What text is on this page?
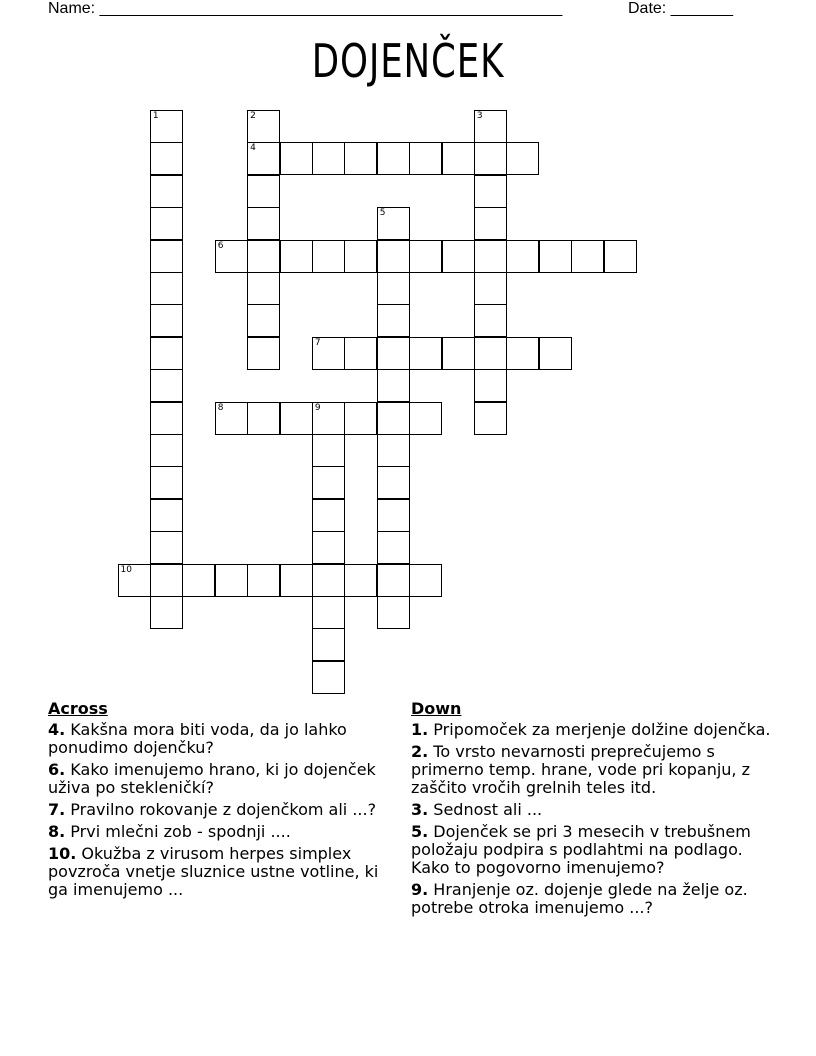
Name: ____________________________________________________	Date: _______
DOJENČEK
1	2
4
3
5
6
7
8	9
10
Across
4. Kakšna mora biti voda, da jo lahko ponudimo dojenčku?
6. Kako imenujemo hrano, ki jo dojenček uživa po stekleničkí?
7. Pravilno rokovanje z dojenčkom ali ...?
8. Prvi mlečni zob - spodnji ....
10. Okužba z virusom herpes simplex povzroča vnetje sluznice ustne votline, ki ga imenujemo ...
Down
1. Pripomoček za merjenje dolžine dojenčka.
2. To vrsto nevarnosti preprečujemo s primerno temp. hrane, vode pri kopanju, z zaščito vročih grelnih teles itd.
3. Sednost ali ...
5. Dojenček se pri 3 mesecih v trebušnem položaju podpira s podlahtmi na podlago. Kako to pogovorno imenujemo?
9. Hranjenje oz. dojenje glede na želje oz. potrebe otroka imenujemo ...?
